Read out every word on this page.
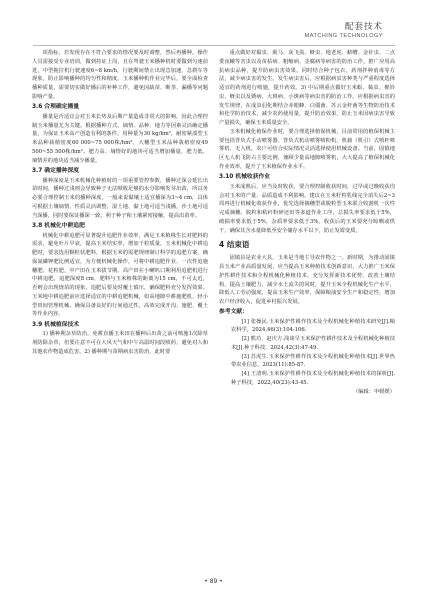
配套技术
MATCHING TECHNOLOGY

项指标，若发现存在不符合要求的情况要及时调整，然后再播种。操作人员需接受专业培训，做到持证上岗，且在驾驶玉米播种机时要做到匀速前进，中型拖拉机行驶速度6~8 km/h，行驶期间禁止出现急加速、急刹车等现象，防止影响播种的均匀性和精度。玉米播种机作业完毕后，要全面检查播种质量，需要切实做好播后的补种工作，避免因缺苗、断垄、漏播等问题影响产量。

3.6 合理确定播量

播量是否适宜会对玉米长势及后期产量造成非常大的影响，因此合理控制玉米播量尤为关键。根据播种方式、墒情、品种、地力等因素灵活确定播量，为保证玉米高产创造有利的条件。用种量为30 kg/hm²，耐密紧凑型玉米品种栽植密度60 000~75 000株/hm²，大穗型玉米品种栽植密度49 500~55 500株/hm²。肥力高、墒情好的地块可适当增加播量，肥力低、墒情差的地块适当减少播量。

3.7 确定播种深度

播种深度是玉米机械化种植时的一项重要管控参数，播种过深会延长出苗时间，播种过浅则会导致种子无法吸收足够的水分影响发芽出苗，所以务必要合理控制玉米的播种深度。一般来说黏壤土适宜播深为3~4 cm，具体可根据土壤墒情、性质灵活调整，湿土地、黏土地可适当浅播，沙土地可适当深播，同时要保证播深一致，利于种子和土壤紧密接触，提高出苗率。

3.8 机械化中耕追肥

机械化中耕追肥可显著提升追肥作业效率，满足玉米植株生长对肥料的需求，避免叶片早衰，提高玉米结实率，增加千粒质量。玉米机械化中耕追肥时，要求选用颗粒状肥料，根据玉米的需肥规律制订科学的追肥方案，确保氮磷钾肥比例适宜，为方便机械化操作，可将中耕追肥作业、一次性追施穗肥、花粒肥，中产田在玉米拔节期、高产田在小喇叭口期利用追肥机进行中耕追肥，追肥深度8 cm，肥料与玉米植株的距离为15 cm，不可太近，否则会出现烧苗的现象。追肥后要及时覆土镇压，确保肥料充分发挥效果。玉米地中耕追肥前应选择适宜的中耕追肥机械，如高地隙中耕施肥机、轻小型田间管理机械，确保具备良好的行间通过性，高效完成开沟、施肥、覆土等作业内容。

3.9 机械植保技术

1) 播种期杂草防治。免耕直播玉米田在播种后出苗之前可喷施1次除草剂防除杂草，但要注意不可在大风天气和中午高温时间段喷药，避免对人和其他农作物造成危害。2) 播种期与苗期病虫害防治，此时要

重点做好对黏虫、蓟马、灰飞虱、蚜虫、地老虎、蛴螬、金针虫、二点委夜蛾等害虫以及苗枯病、粗缩病、茎腐病等病害的防治工作。推广应用高抗病虫品种，提升防病虫害效果。同时结合种子包衣、药剂拌种消毒等方法，减少病虫害的发生。发生病虫害后，应根据病虫害种类与严重程度选择适宜的药剂进行喷施，提升药效。3) 中后期重点做好玉米螟、黏虫、棉铃虫、蚜虫以及锈病、大斑病、小斑病等病虫害的防治工作。应根据病虫害的发生规律，在成虫羽化期结合赤眼蜂、白僵菌、苏云金杆菌等生物防治技术和化学防治技术，减少农药使用量，提升防治效果，防止玉米因病虫害导致产量损失，确保玉米质量安全。

玉米机械化植保作业时，要合理选择植保机械，目前常用的植保机械主要包括背负式手动喷雾器、背负式机动喷雾喷粉机、机载（机引）式喷杆喷雾机、无人机，农户可结合实际情况灵活选择使用机械设备。当前，固镇地区无人机飞防占主要比例，兼顾少量高地隙喷雾机，大大提高了植保机械化作业效率，提升了玉米植保作业水平。

3.10 机械收获作业

玉米成熟后，应当及时收获，要合理控制收获时间，过早或过晚收获均会对玉米的产量、品质造成不利影响。建议在玉米籽粒乳线完全消失后2~3周再进行机械化收获作业，优先选择摘穗型或脱粒型玉米联合收割机一次性完成摘穗、脱粒和秸秆粉碎还田等多道作业工序，总损失率要求低于5%，破损率要求低于5%，杂质率要求低于3%。收获后的玉米要充分晾晒或烘干，确保其含水量降低至安全储存水平以下，防止发霉变质。

4 结束语

固镇县是农业大县，玉米是当地主导农作物之一。新时期，为推动固镇县玉米产业高质量发展，应当提高玉米种植技术创新意识，大力推广玉米保护性耕作技术和全程机械化种植技术，充分发挥新技术优势，改善土壤结构，提高土壤肥力，减少水土流失的同时，提升玉米全程机械化生产水平，降低人工劳动强度，提高玉米生产效率，保障粮油安全生产和稳定性，增加农户经济收入，促进乡村振兴发展。

参考文献：

[1] 张操民.玉米保护性耕作技术及全程机械化种植技术研究[J].粮农科学，2024,46(3):104-106.

[2] 熊功，赵庆方.浅谈旱玉米保护性耕作技术及全程机械化种植技术[J].种子科技，2024,42(3):47-49.

[3] 苏虎生.玉米保护性耕作技术及全程机械化种植技术[J].世界热带农业信息，2023(11):85-87.

[4] 王清明.玉米保护性耕作技术及全程机械化种植技术的探析[J].种子科技，2022,40(23):43-45.

（编辑：申媛媛）

• 89 •
